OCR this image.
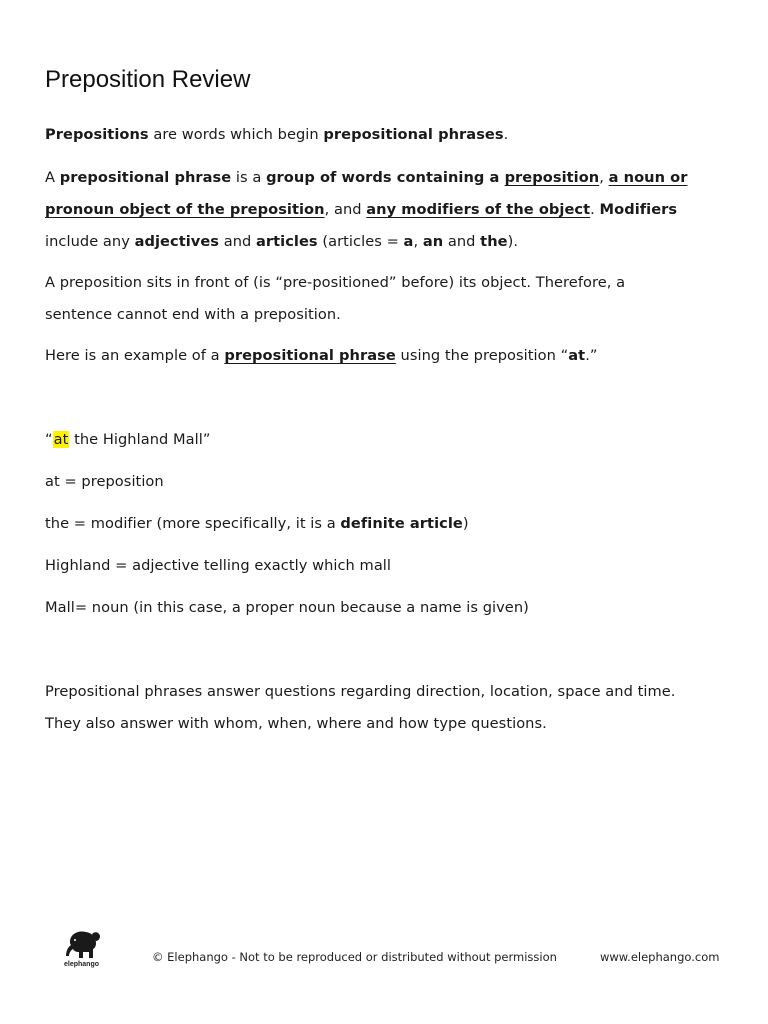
Preposition Review

Prepositions are words which begin prepositional phrases.

A prepositional phrase is a group of words containing a preposition, a noun or

pronoun object of the preposition, and any modifiers of the object. Modifiers

include any adjectives and articles (articles = a, an and the).

A preposition sits in front of (is “pre-positioned” before) its object. Therefore, a

sentence cannot end with a preposition.

Here is an example of a prepositional phrase using the preposition “at.”

“at the Highland Mall”

at = preposition

the = modifier (more specifically, it is a definite article)

Highland = adjective telling exactly which mall

Mall= noun (in this case, a proper noun because a name is given)

Prepositional phrases answer questions regarding direction, location, space and time.

They also answer with whom, when, where and how type questions.

elephango
© Elephango - Not to be reproduced or distributed without permission	www.elephango.com
